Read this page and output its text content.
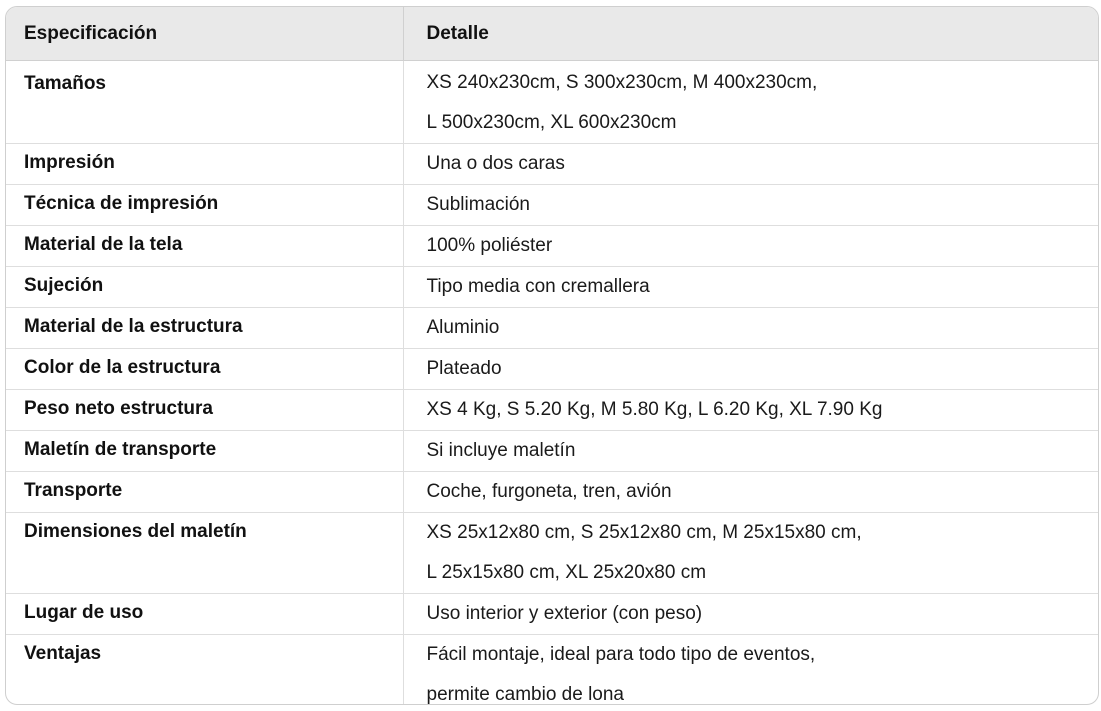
Especificación	Detalle
Tamaños	XS 240x230cm, S 300x230cm, M 400x230cm,
L 500x230cm, XL 600x230cm

Impresión	Una o dos caras

Técnica de impresión	Sublimación

Material de la tela	100% poliéster

Sujeción	Tipo media con cremallera

Material de la estructura	Aluminio

Color de la estructura	Plateado

Peso neto estructura	XS 4 Kg, S 5.20 Kg, M 5.80 Kg, L 6.20 Kg, XL 7.90 Kg

Maletín de transporte	Si incluye maletín

Transporte	Coche, furgoneta, tren, avión

Dimensiones del maletín	XS 25x12x80 cm, S 25x12x80 cm, M 25x15x80 cm,
L 25x15x80 cm, XL 25x20x80 cm

Lugar de uso	Uso interior y exterior (con peso)

Ventajas	Fácil montaje, ideal para todo tipo de eventos,
permite cambio de lona
